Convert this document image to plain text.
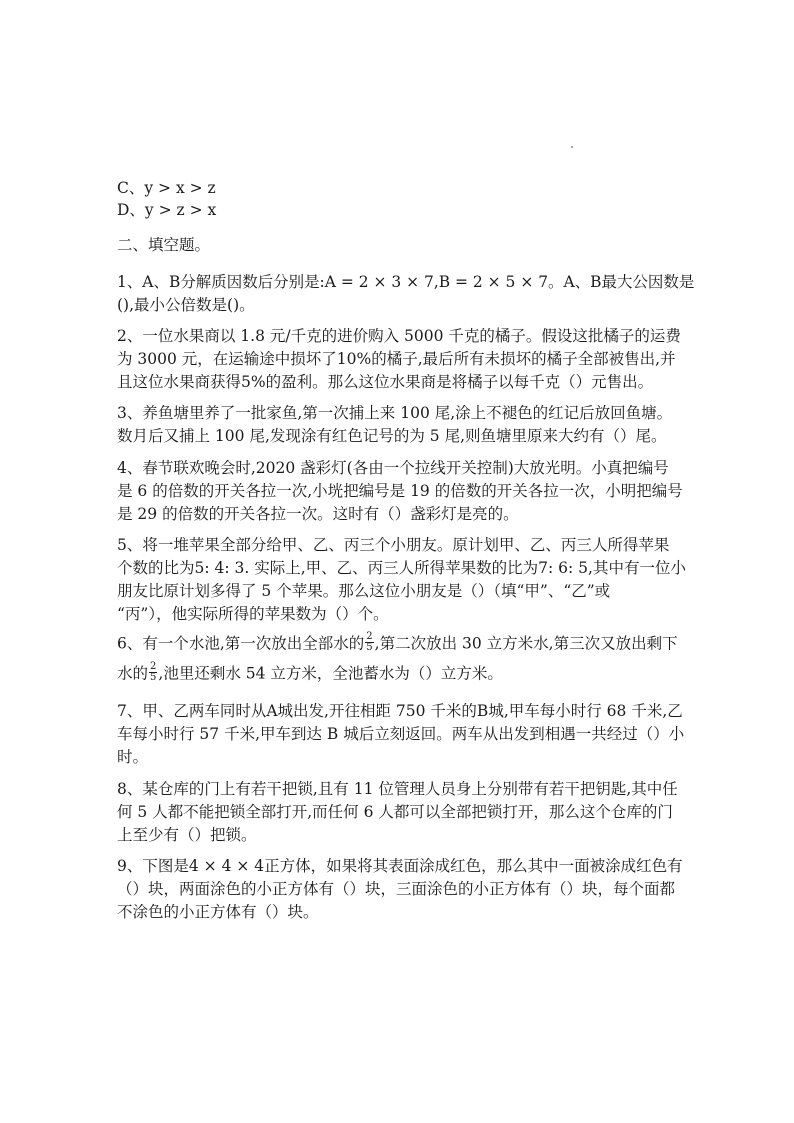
C、y > x > z
D、y > z > x
二、填空题。
1、A、B分解质因数后分别是:A = 2 × 3 × 7,B = 2 × 5 × 7。A、B最大公因数是
(),最小公倍数是()。
2、一位水果商以 1.8 元/千克的进价购入 5000 千克的橘子。假设这批橘子的运费
为 3000 元，在运输途中损坏了10%的橘子,最后所有未损坏的橘子全部被售出,并
且这位水果商获得5%的盈利。那么这位水果商是将橘子以每千克（）元售出。
3、养鱼塘里养了一批家鱼,第一次捕上来 100 尾,涂上不褪色的红记后放回鱼塘。
数月后又捕上 100 尾,发现涂有红色记号的为 5 尾,则鱼塘里原来大约有（）尾。
4、春节联欢晚会时,2020 盏彩灯(各由一个拉线开关控制)大放光明。小真把编号
是 6 的倍数的开关各拉一次,小垙把编号是 19 的倍数的开关各拉一次，小明把编号
是 29 的倍数的开关各拉一次。这时有（）盏彩灯是亮的。
5、将一堆苹果全部分给甲、乙、丙三个小朋友。原计划甲、乙、丙三人所得苹果
个数的比为5: 4: 3. 实际上,甲、乙、丙三人所得苹果数的比为7: 6: 5,其中有一位小
朋友比原计划多得了 5 个苹果。那么这位小朋友是（）（填“甲”、“乙”或
“丙”），他实际所得的苹果数为（）个。
6、有一个水池,第一次放出全部水的 $\frac{2}{5}$ ,第二次放出 30 立方米水,第三次又放出剩下
水的 $\frac{2}{5}$ ,池里还剩水 54 立方米，全池蓄水为（）立方米。
7、甲、乙两车同时从A城出发,开往相距 750 千米的B城,甲车每小时行 68 千米,乙
车每小时行 57 千米,甲车到达 B 城后立刻返回。两车从出发到相遇一共经过（）小
时。
8、某仓库的门上有若干把锁,且有 11 位管理人员身上分别带有若干把钥匙,其中任
何 5 人都不能把锁全部打开,而任何 6 人都可以全部把锁打开，那么这个仓库的门
上至少有（）把锁。
9、下图是4 × 4 × 4正方体，如果将其表面涂成红色，那么其中一面被涂成红色有
（）块，两面涂色的小正方体有（）块，三面涂色的小正方体有（）块，每个面都
不涂色的小正方体有（）块。
